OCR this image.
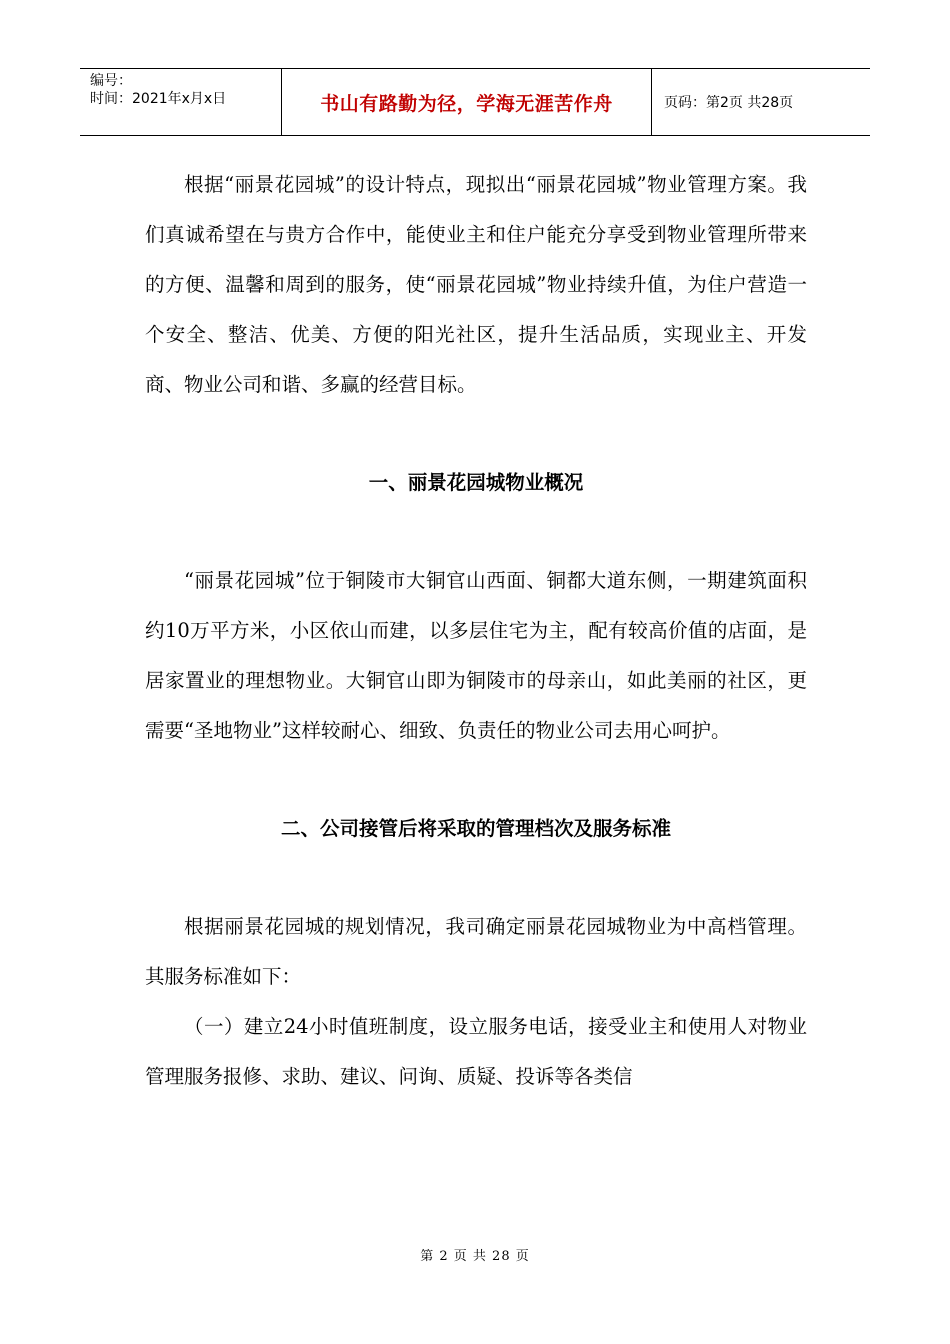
编号：
时间：2021年x月x日	书山有路勤为径，学海无涯苦作舟	页码：第2页 共28页

根据“丽景花园城”的设计特点，现拟出“丽景花园城”物业管理方案。我们真诚希望在与贵方合作中，能使业主和住户能充分享受到物业管理所带来的方便、温馨和周到的服务，使“丽景花园城”物业持续升值，为住户营造一个安全、整洁、优美、方便的阳光社区，提升生活品质，实现业主、开发商、物业公司和谐、多赢的经营目标。

一、丽景花园城物业概况

“丽景花园城”位于铜陵市大铜官山西面、铜都大道东侧，一期建筑面积约10万平方米，小区依山而建，以多层住宅为主，配有较高价值的店面，是居家置业的理想物业。大铜官山即为铜陵市的母亲山，如此美丽的社区，更需要“圣地物业”这样较耐心、细致、负责任的物业公司去用心呵护。

二、公司接管后将采取的管理档次及服务标准

根据丽景花园城的规划情况，我司确定丽景花园城物业为中高档管理。其服务标准如下：

（一）建立24小时值班制度，设立服务电话，接受业主和使用人对物业管理服务报修、求助、建议、问询、质疑、投诉等各类信

第 2 页 共 28 页
